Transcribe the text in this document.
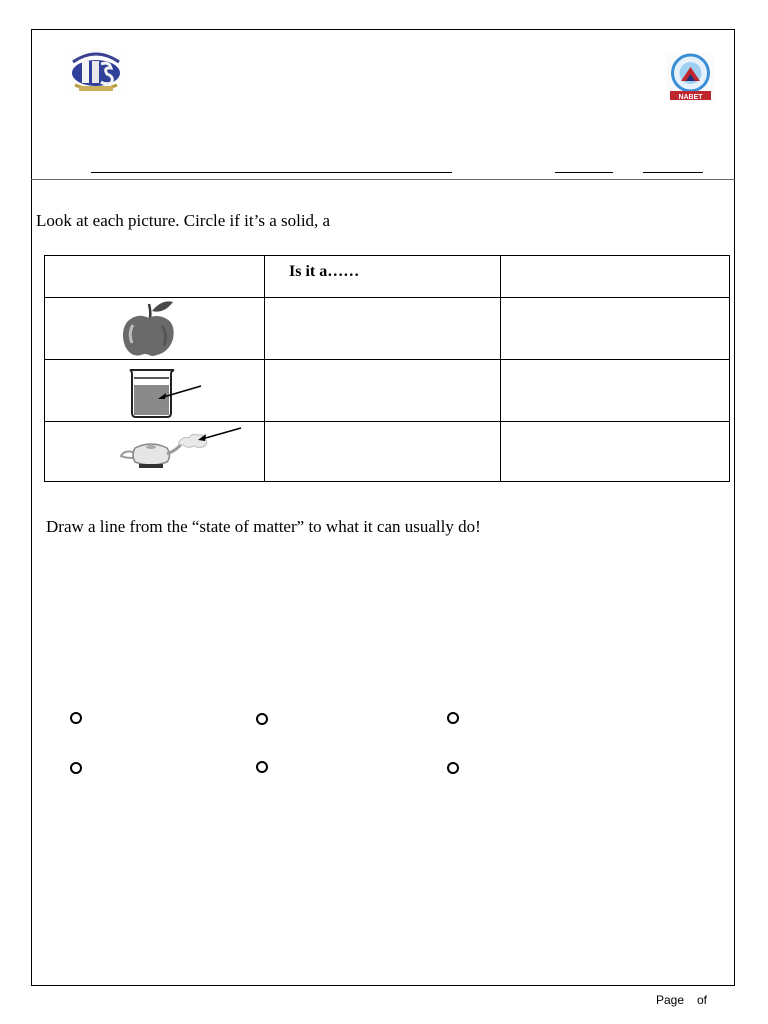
NABET
Look at each picture. Circle if it’s a solid, a

	Is it a……	

Draw a line from the “state of matter” to what it can usually do!
Page of
